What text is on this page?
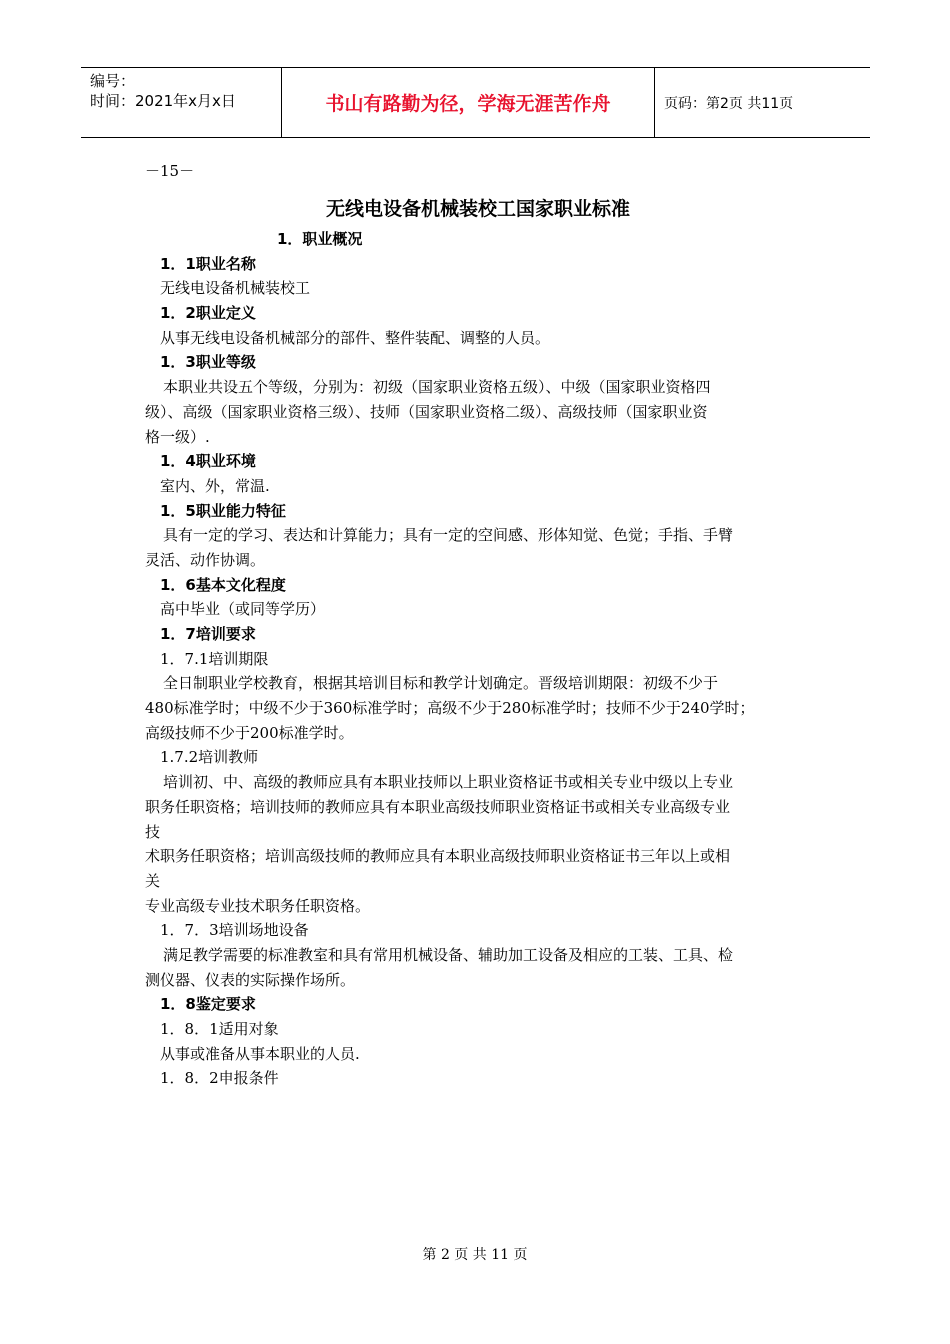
编号：
时间：2021年x月x日	书山有路勤为径，学海无涯苦作舟	页码：第2页 共11页
－15－
无线电设备机械装校工国家职业标准
1．职业概况
1．1职业名称
无线电设备机械装校工
1．2职业定义
从事无线电设备机械部分的部件、整件装配、调整的人员。
1．3职业等级
本职业共设五个等级，分别为：初级（国家职业资格五级）、中级（国家职业资格四
级）、高级（国家职业资格三级）、技师（国家职业资格二级）、高级技师（国家职业资
格一级）.
1．4职业环境
室内、外，常温.
1．5职业能力特征
具有一定的学习、表达和计算能力；具有一定的空间感、形体知觉、色觉；手指、手臂
灵活、动作协调。
1．6基本文化程度
高中毕业（或同等学历）
1．7培训要求
1．7.1培训期限
全日制职业学校教育，根据其培训目标和教学计划确定。晋级培训期限：初级不少于
480标准学时；中级不少于360标准学时；高级不少于280标准学时；技师不少于240学时；
高级技师不少于200标准学时。
1.7.2培训教师
培训初、中、高级的教师应具有本职业技师以上职业资格证书或相关专业中级以上专业
职务任职资格；培训技师的教师应具有本职业高级技师职业资格证书或相关专业高级专业
技
术职务任职资格；培训高级技师的教师应具有本职业高级技师职业资格证书三年以上或相
关
专业高级专业技术职务任职资格。
1．7．3培训场地设备
满足教学需要的标准教室和具有常用机械设备、辅助加工设备及相应的工装、工具、检
测仪器、仪表的实际操作场所。
1．8鉴定要求
1．8．1适用对象
从事或准备从事本职业的人员.
1．8．2申报条件
第 2 页 共 11 页
